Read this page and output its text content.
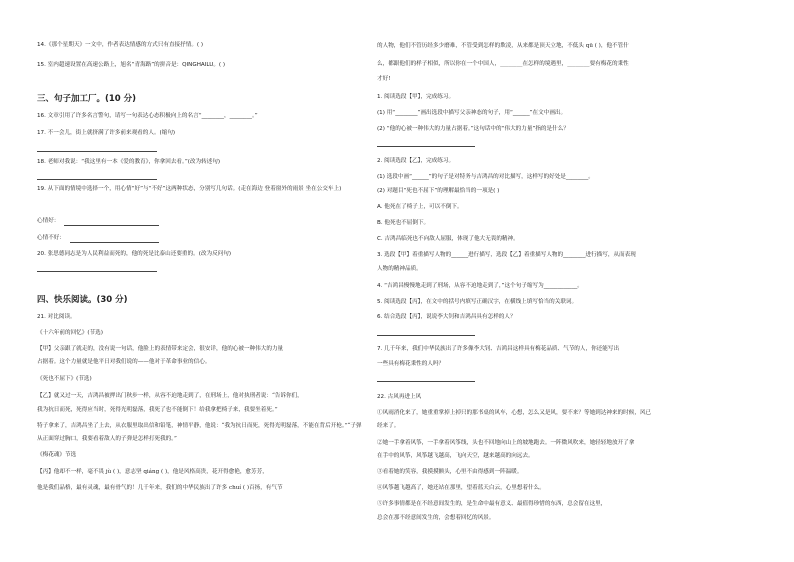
14.《那个星期天》一文中，作者表达情感的方式只有直接抒情。( )
15. 室内超速设置在高速公路上，旭名“青海路”的拼音是：QINGHAILU。( )
三、句子加工厂。(10 分)
16. 文章引用了许多名言警句，请写一句表达心态积极向上的名言“________，________。”
17. 不一会儿，街上就挤满了许多前来观看的人。(缩句)
18. 老师对我说：“我这里有一本《爱的教育》，你拿回去看。”(改为转述句)
19. 从下面的情境中选择一个，用心情“好”与“不好”这两种状态，分别写几句话。(走在海边 登着窗外的雨景 坐在公交车上)
心情好：
心情不好：
20. 张思德同志是为人民利益而死的，他的死是比泰山还要重的。(改为反问句)
四、快乐阅读。(30 分)
21. 对比阅读。
《十六年前的回忆》(节选)
【甲】父亲跟了就走的，没有说一句话，他脸上的表情带来定会，很安详，他的心被一种伟大的力量
占据着。这个力量就是他平日对我们说的——他对于革命事业的信心。
《死也不屈下》(节选)
【乙】就又过一天，吉鸿昌被押出门秋步一样，从容不迫地走到了，在刑场上，他对执刑者说：“告诉你们，
我为抗日而死，死得应当时，死得光明磊落，我死了也不能倒下！给我拿把椅子来，我要坐着死。”
特子拿来了，吉鸿昌坐了上去，从衣服里取出信和铅笔，神情平静，他说：“我为抗日而死，死得光明磊落，不能在背后开枪。”“子弹
从正面穿过胸口，我要看着敌人的子弹是怎样打死我的。”
《梅花魂》节选
【丙】他却不一样，毫不畏 jù ( )，意志坚 qiáng ( )，他是风格高贵，花开得愈艳，愈芳芳，
他是我们品格，最有灵魂，最有骨气的！几千年来，我们的中华民族出了许多 chuí ( )百扬，有气节
的人物，他们不管历经多少磨难，不管受到怎样的欺凌，从来都是顶天立地，不低头 qū ( )，他不管什
么，都跟他们的样子相似，所以你在一个中国人，________在怎样的境遇里，________要有梅花的秉性
才好!
1. 阅读选段【甲】，完成练习。
(1) 用“________”画出选段中描写父亲神态的句子，用“______”在文中画出。
(2) “他的心被一种伟大的力量占据着。”这句话中的“伟大的力量”指的是什么？
2. 阅读选段【乙】，完成练习。
(1) 选段中画“______”的句子是对特务与吉鸿昌的对比描写，这样写的好处是________。
(2) 对题目“死也不屈下”的理解最恰当的一项是( )
A. 他死在了椅子上，可以不倒下。
B. 他死也不屈倒下。
C. 吉鸿昌临死也不向敌人屈服，体现了他大无畏的精神。
3. 选段【甲】着重描写人物的______进行描写，选段【乙】着重描写人物的________进行描写，从而表现
人物的精神品质。
4. “吉鸿昌慢慢地走到了刑场，从容不迫地走到了，”这个句子缩写为____________。
5. 阅读选段【丙】，在文中的括号内填写正确汉字，在横线上填写恰当的关联词。
6. 结合选段【丙】，说说李大钊和吉鸿昌具有怎样的人？
7. 几千年来，我们中华民族出了许多像李大钊、吉鸿昌这样具有梅花品质、气节的人，你还能写出
一些具有梅花秉性的人吗？
22. 古风再进上风
①风雨消化来了，她重重掌掉上掉只的那书桌的风车，心想，怎么又是风，要不来？等她到达神来的时候，风已
经来了。
②她一手拿着风筝，一手拿着风筝线，头也不回地向山上的坡地跑去。一阵微风吹来，她轻轻地放开了拿
在手中的风筝，风筝越飞越高，飞向天空，越来越高的向远去。
③看着她的笑容，我摸摸额头，心里不由得感到一阵温暖。
④风筝越飞越高了，她还站在那里，望着蓝天白云，心里想着什么。
⑤许多事情都是在不经意间发生的，是生命中最有意义、最值得珍惜的东西，总会留在这里，
总会在那不经意间发生的，会想着回忆的风景。
